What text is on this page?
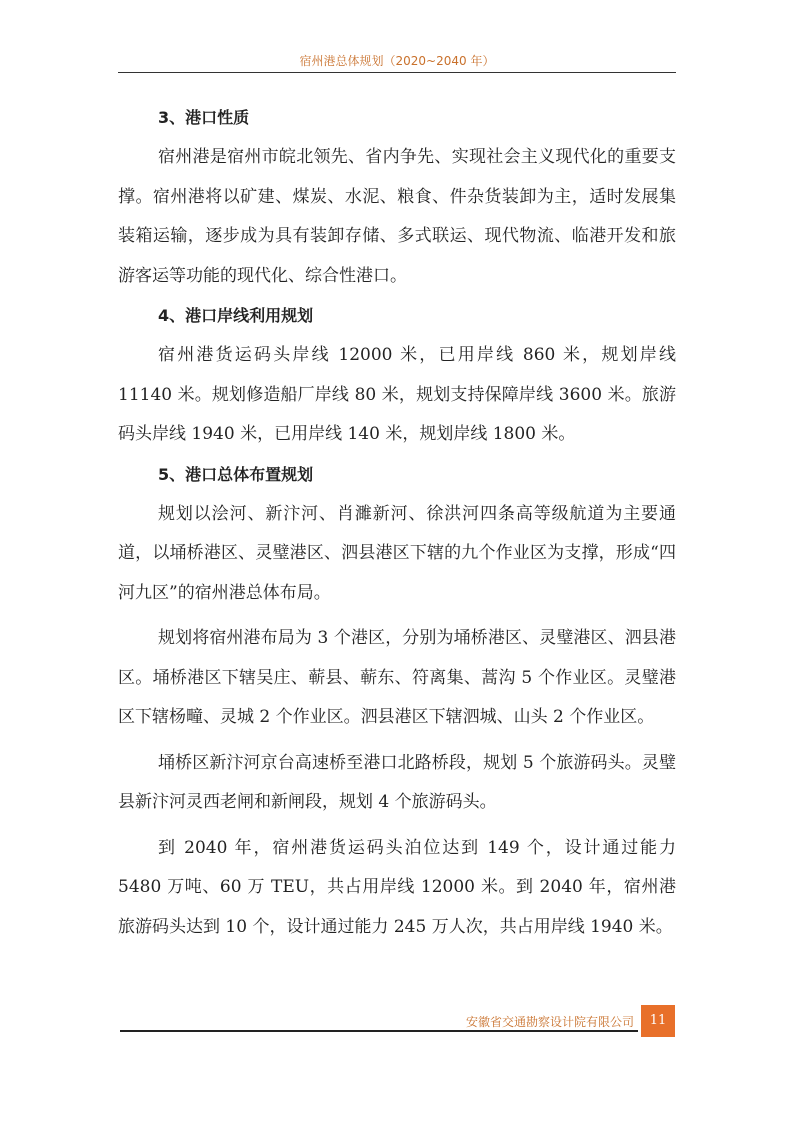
宿州港总体规划（2020~2040 年）
3、港口性质

宿州港是宿州市皖北领先、省内争先、实现社会主义现代化的重要支撑。宿州港将以矿建、煤炭、水泥、粮食、件杂货装卸为主，适时发展集装箱运输，逐步成为具有装卸存储、多式联运、现代物流、临港开发和旅游客运等功能的现代化、综合性港口。

4、港口岸线利用规划

宿州港货运码头岸线 12000 米，已用岸线 860 米，规划岸线 11140 米。规划修造船厂岸线 80 米，规划支持保障岸线 3600 米。旅游码头岸线 1940 米，已用岸线 140 米，规划岸线 1800 米。

5、港口总体布置规划

规划以浍河、新汴河、肖濉新河、徐洪河四条高等级航道为主要通道，以埇桥港区、灵璧港区、泗县港区下辖的九个作业区为支撑，形成“四河九区”的宿州港总体布局。

规划将宿州港布局为 3 个港区，分别为埇桥港区、灵璧港区、泗县港区。埇桥港区下辖吴庄、蕲县、蕲东、符离集、蒿沟 5 个作业区。灵璧港区下辖杨疃、灵城 2 个作业区。泗县港区下辖泗城、山头 2 个作业区。

埇桥区新汴河京台高速桥至港口北路桥段，规划 5 个旅游码头。灵璧县新汴河灵西老闸和新闸段，规划 4 个旅游码头。

到 2040 年，宿州港货运码头泊位达到 149 个，设计通过能力 5480 万吨、60 万 TEU，共占用岸线 12000 米。到 2040 年，宿州港旅游码头达到 10 个，设计通过能力 245 万人次，共占用岸线 1940 米。

安徽省交通勘察设计院有限公司	11
